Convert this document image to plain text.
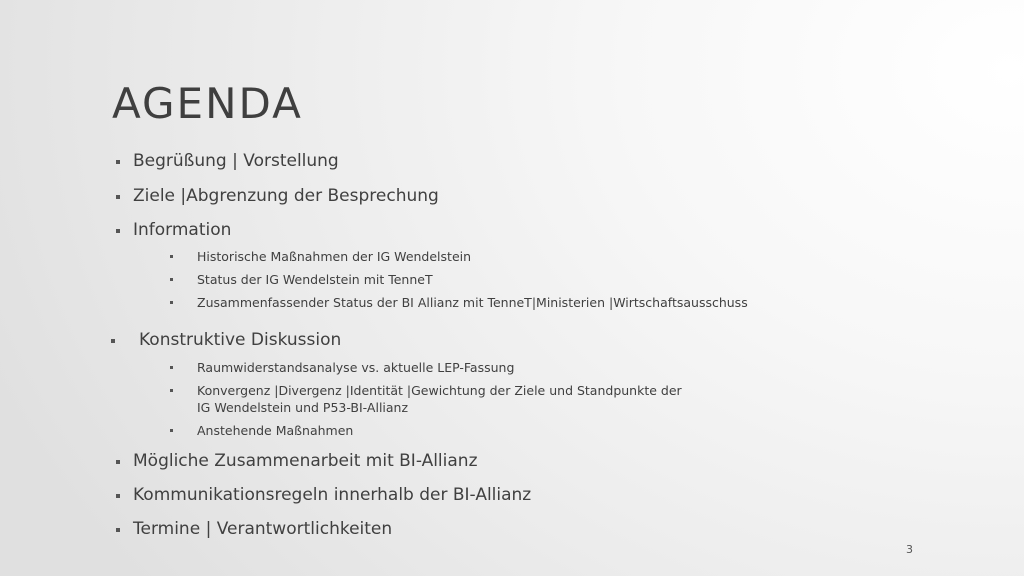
AGENDA
Begrüßung | Vorstellung
Ziele |Abgrenzung der Besprechung
Information
Historische Maßnahmen der IG Wendelstein
Status der IG Wendelstein mit TenneT
Zusammenfassender Status der BI Allianz mit TenneT|Ministerien |Wirtschaftsausschuss
Konstruktive Diskussion
Raumwiderstandsanalyse vs. aktuelle LEP-Fassung
Konvergenz |Divergenz |Identität |Gewichtung der Ziele und Standpunkte der
IG Wendelstein und P53-BI-Allianz
Anstehende Maßnahmen
Mögliche Zusammenarbeit mit BI-Allianz
Kommunikationsregeln innerhalb der BI-Allianz
Termine | Verantwortlichkeiten
3
